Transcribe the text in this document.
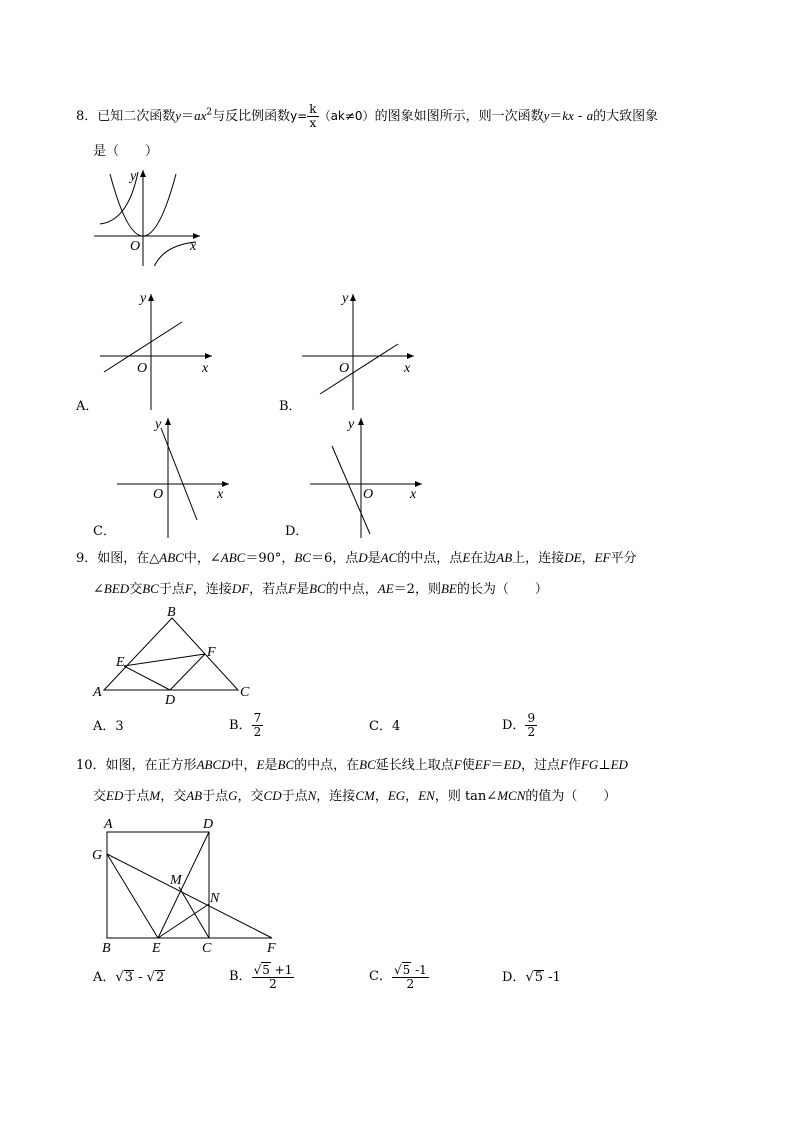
8．已知二次函数$y=ax^2$与反比例函数$y= \frac{k}{x} (ak\ne 0)$的图象如图所示，则一次函数y＝kx - a的大致图象
是（　　）
y
O	x
A．
y
O	x
B．
y
O	x
C．
y
O	x
D．
y
O	x
9．如图，在△ABC中，∠ABC＝90°，BC＝6，点D是AC的中点，点E在边AB上，连接DE，EF平分
∠BED交BC于点F，连接DF，若点F是BC的中点，AE＝2，则BE的长为（　　）
A
B
C
D
E
F
A．3	B． $\frac{7}{2}$	C．4	D． $\frac{9}{2}$
10．如图，在正方形ABCD中，E是BC的中点，在BC延长线上取点F使EF＝ED，过点F作FG⊥ED
交ED于点M，交AB于点G，交CD于点N，连接CM，EG，EN，则 tan∠MCN的值为（　　）
A	D
G
M
N
B	E	C	F
A．√3 - √2	B． $\frac{√5 +1}{2}$	C． $\frac{√5 -1}{2}$	D．√5 -1
